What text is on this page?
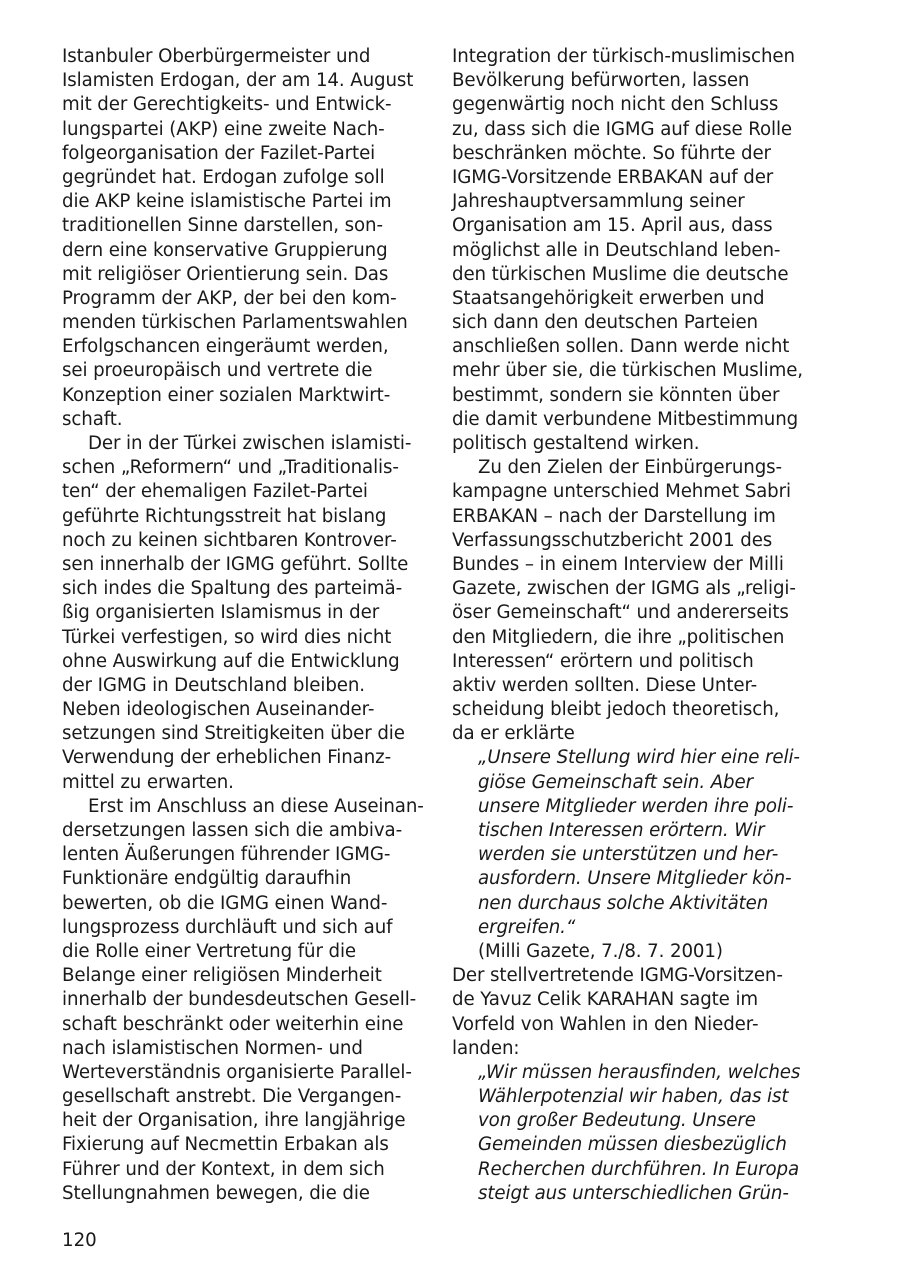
Istanbuler Oberbürgermeister und
Islamisten Erdogan, der am 14. August
mit der Gerechtigkeits- und Entwick-
lungspartei (AKP) eine zweite Nach-
folgeorganisation der Fazilet-Partei
gegründet hat. Erdogan zufolge soll
die AKP keine islamistische Partei im
traditionellen Sinne darstellen, son-
dern eine konservative Gruppierung
mit religiöser Orientierung sein. Das
Programm der AKP, der bei den kom-
menden türkischen Parlamentswahlen
Erfolgschancen eingeräumt werden,
sei proeuropäisch und vertrete die
Konzeption einer sozialen Marktwirt-
schaft.
Der in der Türkei zwischen islamisti-
schen „Reformern“ und „Traditionalis-
ten“ der ehemaligen Fazilet-Partei
geführte Richtungsstreit hat bislang
noch zu keinen sichtbaren Kontrover-
sen innerhalb der IGMG geführt. Sollte
sich indes die Spaltung des parteimä-
ßig organisierten Islamismus in der
Türkei verfestigen, so wird dies nicht
ohne Auswirkung auf die Entwicklung
der IGMG in Deutschland bleiben.
Neben ideologischen Auseinander-
setzungen sind Streitigkeiten über die
Verwendung der erheblichen Finanz-
mittel zu erwarten.
Erst im Anschluss an diese Auseinan-
dersetzungen lassen sich die ambiva-
lenten Äußerungen führender IGMG-
Funktionäre endgültig daraufhin
bewerten, ob die IGMG einen Wand-
lungsprozess durchläuft und sich auf
die Rolle einer Vertretung für die
Belange einer religiösen Minderheit
innerhalb der bundesdeutschen Gesell-
schaft beschränkt oder weiterhin eine
nach islamistischen Normen- und
Werteverständnis organisierte Parallel-
gesellschaft anstrebt. Die Vergangen-
heit der Organisation, ihre langjährige
Fixierung auf Necmettin Erbakan als
Führer und der Kontext, in dem sich
Stellungnahmen bewegen, die die
Integration der türkisch-muslimischen
Bevölkerung befürworten, lassen
gegenwärtig noch nicht den Schluss
zu, dass sich die IGMG auf diese Rolle
beschränken möchte. So führte der
IGMG-Vorsitzende ERBAKAN auf der
Jahreshauptversammlung seiner
Organisation am 15. April aus, dass
möglichst alle in Deutschland leben-
den türkischen Muslime die deutsche
Staatsangehörigkeit erwerben und
sich dann den deutschen Parteien
anschließen sollen. Dann werde nicht
mehr über sie, die türkischen Muslime,
bestimmt, sondern sie könnten über
die damit verbundene Mitbestimmung
politisch gestaltend wirken.
Zu den Zielen der Einbürgerungs-
kampagne unterschied Mehmet Sabri
ERBAKAN – nach der Darstellung im
Verfassungsschutzbericht 2001 des
Bundes – in einem Interview der Milli
Gazete, zwischen der IGMG als „religi-
öser Gemeinschaft“ und andererseits
den Mitgliedern, die ihre „politischen
Interessen“ erörtern und politisch
aktiv werden sollten. Diese Unter-
scheidung bleibt jedoch theoretisch,
da er erklärte
„Unsere Stellung wird hier eine reli-
giöse Gemeinschaft sein. Aber
unsere Mitglieder werden ihre poli-
tischen Interessen erörtern. Wir
werden sie unterstützen und her-
ausfordern. Unsere Mitglieder kön-
nen durchaus solche Aktivitäten
ergreifen.“
(Milli Gazete, 7./8. 7. 2001)
Der stellvertretende IGMG-Vorsitzen-
de Yavuz Celik KARAHAN sagte im
Vorfeld von Wahlen in den Nieder-
landen:
„Wir müssen herausfinden, welches
Wählerpotenzial wir haben, das ist
von großer Bedeutung. Unsere
Gemeinden müssen diesbezüglich
Recherchen durchführen. In Europa
steigt aus unterschiedlichen Grün-
120
